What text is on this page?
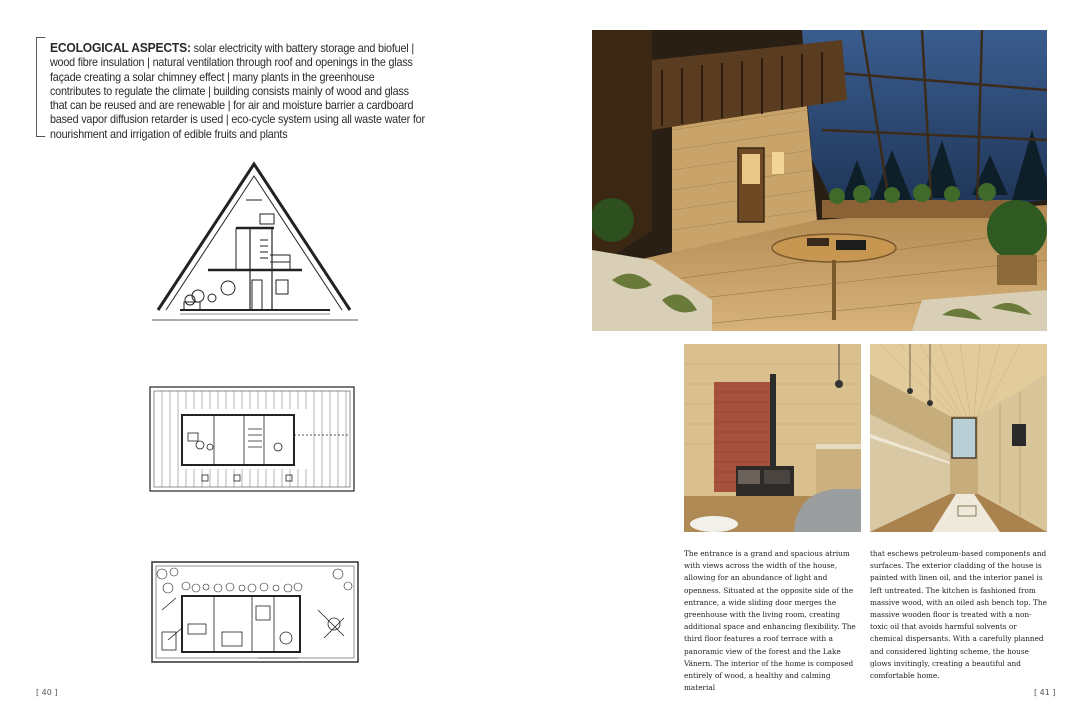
ECOLOGICAL ASPECTS: solar electricity with battery storage and biofuel | wood fibre insulation | natural ventilation through roof and openings in the glass façade creating a solar chimney effect | many plants in the greenhouse contributes to regulate the climate | building consists mainly of wood and glass that can be reused and are renewable | for air and moisture barrier a cardboard based vapor diffusion retarder is used | eco-cycle system using all waste water for nourishment and irrigation of edible fruits and plants
[ 40 ]
The entrance is a grand and spacious atrium with views across the width of the house, allowing for an abundance of light and openness. Situated at the opposite side of the entrance, a wide sliding door merges the greenhouse with the living room, creating additional space and enhancing flexibility. The third floor features a roof terrace with a panoramic view of the forest and the Lake Vänern. The interior of the home is composed entirely of wood, a healthy and calming material
that eschews petroleum-based components and surfaces. The exterior cladding of the house is painted with linen oil, and the interior panel is left untreated. The kitchen is fashioned from massive wood, with an oiled ash bench top. The massive wooden floor is treated with a non-toxic oil that avoids harmful solvents or chemical dispersants. With a carefully planned and considered lighting scheme, the house glows invitingly, creating a beautiful and comfortable home.
[ 41 ]
